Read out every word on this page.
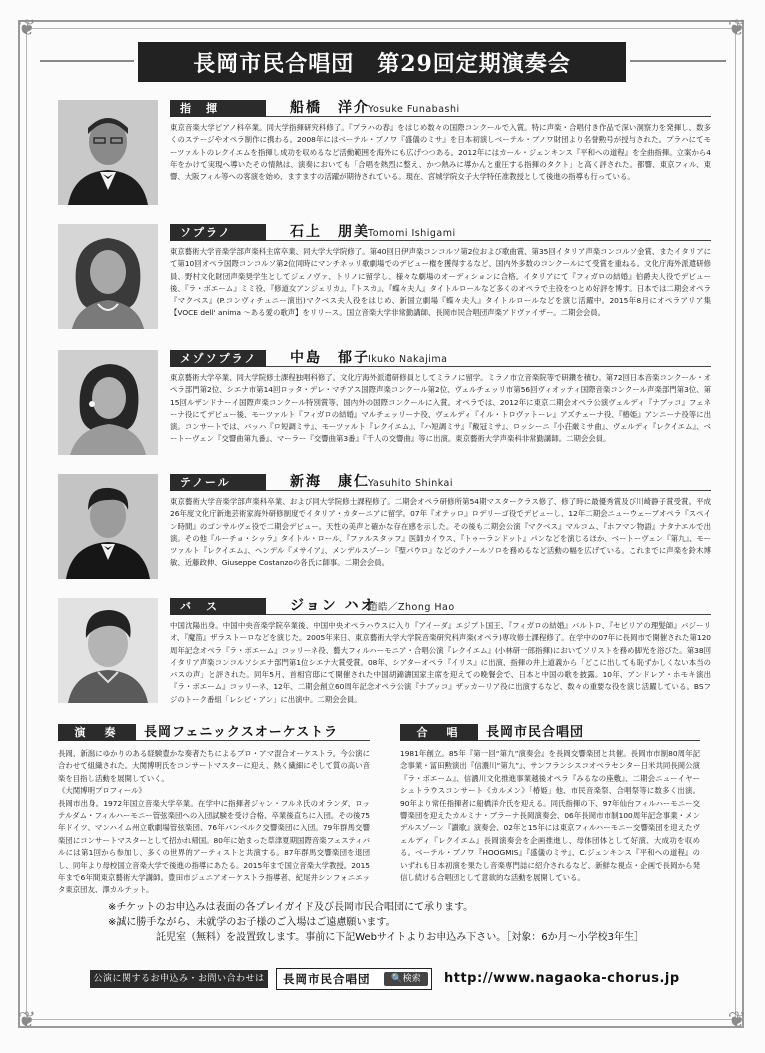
❦	❦
❦	❦
長岡市民合唱団　第29回定期演奏会
指　揮	船橋　洋介
Yosuke Funabashi
東京音楽大学ピアノ科卒業。同大学指揮研究科修了。『プラハの春』をはじめ数々の国際コンクールで入賞。特に声楽・合唱付き作品で深い洞察力を発揮し、数多くのステージやオペラ制作に携わる。2008年にはベーテル・ブノワ『盛儀のミサ』を日本初演しベーテル・ブノワ財団より名誉勲号が授与された。プラハにてモーツァルトのレクイエムを指揮し成功を収めるなど活動範囲を海外にも広げつつある。2012年にはカール・ジェンキンス『平和への道程』を全曲指揮。立案から4年をかけて実現へ導いたその情熱は、演奏においても「合唱を熱烈に整え、かつ熱みに導かんと重圧する指揮のタクト」と高く評された。都響、東京フィル、東響、大阪フィル等への客演を始め、ますますの活躍が期待されている。現在、宮城学院女子大学特任准教授として後進の指導も行っている。
ソプラノ	石上　朋美
Tomomi Ishigami
東京藝術大学音楽学部声楽科主席卒業、同大学大学院修了。第40回日伊声楽コンコルソ第2位および歌曲賞、第35回イタリア声楽コンコルソ金賞、またイタリアにて第10回オペラ国際コンコルソ第2位同時にマンチネッリ歌劇場でのデビュー権を獲得するなど、国内外多数のコンクールにて受賞を重ねる。文化庁海外派遣研修員、野村文化財団声楽奨学生としてジェノヴァ、トリノに留学し、様々な劇場のオーディションに合格。イタリアにて『フィガロの結婚』伯爵夫人役でデビュー後、『ラ・ボエーム』ミミ役、『修道女アンジェリカ』、『トスカ』、『蝶々夫人』タイトルロールなど多くのオペラで主役をつとめ好評を博す。日本では二期会オペラ『マクベス』(P.コンヴィチュニー演出)マクベス夫人役をはじめ、新国立劇場『蝶々夫人』タイトルロールなどを演じ活躍中。2015年8月にオペラアリア集【VOCE dell' anima ～ある愛の歌声】をリリース。国立音楽大学非常勤講師、長岡市民合唱団声楽アドヴァイザー。二期会会員。
メゾソプラノ	中島　郁子
Ikuko Nakajima
東京藝術大学卒業、同大学院修士課程独唱科修了。文化庁海外派遣研修員としてミラノに留学。ミラノ市立音楽院等で研鑽を積む。第72回日本音楽コンクール・オペラ部門第2位、シエナ市第14回ロッタ・デレ・マチアス国際声楽コンクール第2位、ヴェルチェッリ市第56回ヴィオッティ国際音楽コンクール声楽部門第3位、第15回ルザンドナーイ国際声楽コンクール特別賞等、国内外の国際コンクールに入賞。オペラでは、2012年に東京二期会オペラ公演ヴェルディ『ナブッコ』フェネーナ役にてデビュー後、モーツァルト『フィガロの結婚』マルチェッリーナ役、ヴェルディ『イル・トロヴァトーレ』アズチェーナ役、『椿姫』アンニーナ役等に出演。コンサートでは、バッハ『ロ短調ミサ』、モーツァルト『レクイエム』、『ハ短調ミサ』『戴冠ミサ』、ロッシーニ『小荘厳ミサ曲』、ヴェルディ『レクイエム』、ベートーヴェン『交響曲第九番』、マーラー『交響曲第3番』『千人の交響曲』等に出演。東京藝術大学声楽科非常勤講師。二期会会員。
テノール	新海　康仁
Yasuhito Shinkai
東京藝術大学音楽学部声楽科卒業、および同大学院修士課程修了。二期会オペラ研修所第54期マスタークラス修了、修了時に最優秀賞及び川崎静子賞受賞。平成26年度文化庁新進芸術家海外研修制度でイタリア・カターニアに留学。07年『オテッロ』ロデリーゴ役でデビューし、12年二期会ニューウェーブオペラ『スペイン時間』のゴンサルヴェ役で二期会デビュー。天性の美声と確かな存在感を示した。その後も二期会公演『マクベス』マルコム、『ホフマン物語』ナタナエルで出演。その他『ルーチョ・シッラ』タイトル・ロール、『ファルスタッフ』医師カイウス、『トゥーランドット』パンなどを演じるほか、ベートーヴェン『第九』、モーツァルト『レクイエム』、ヘンデル『メサイア』、メンデルスゾーン『聖パウロ』などのテノールソロを務めるなど活動の幅を広げている。これまでに声楽を鈴木博敏、近藤政伸、Giuseppe Costanzoの各氏に師事。二期会会員。
バ　ス	ジョン ハオ
趙皓／Zhong Hao
中国沈陽出身。中国中央音楽学院卒業後、中国中央オペラハウスに入り『アイーダ』エジプト国王、『フィガロの結婚』バルトロ、『セビリアの理髪師』バジーリオ、『魔笛』ザラストーロなどを演じた。2005年来日、東京藝術大学大学院音楽研究科声楽(オペラ)専攻修士課程修了。在学中の07年に長岡市で開催された第120周年記念オペラ『ラ・ボエーム』コッリーネ役、藝大フィルハーモニア・合唱公演『レクイエム』(小林研一郎指揮)においてソリストを務め脚光を浴びた。第38回イタリア声楽コンコルソシエナ部門第1位シエナ大賞受賞。08年、シアターオペラ『イリス』に出演、指揮の井上道義から「どこに出しても恥ずかしくない本当のバスの声」と評された。同年5月、首相官邸にて開催された中国胡錦濤国家主席を迎えての晩餐会で、日本と中国の歌を披露。10年、アンドレア・ホモキ演出『ラ・ボエーム』コッリーネ、12年、二期会創立60周年記念オペラ公演『ナブッコ』ザッカーリア役に出演するなど、数々の重要な役を演じ活躍している。BSフジのトーク番組「レシピ・アン」に出演中。二期会会員。
演　奏	長岡フェニックスオーケストラ
長岡、新潟にゆかりのある経験豊かな奏者たちによるプロ・アマ混合オーケストラ。今公演に合わせて組織された。大関博明氏をコンサートマスターに迎え、熱く繊細にそして質の高い音楽を目指し活動を展開していく。
《大関博明プロフィール》
長岡市出身。1972年国立音楽大学卒業。在学中に指揮者ジャン・フルネ氏のオランダ、ロッテルダム・フィルハーモニー管弦楽団への入団試験を受け合格、卒業後直ちに入団。その後75年ドイツ、マンハイム州立歌劇場管弦楽団、76年バンベルク交響楽団に入団。79年群馬交響楽団にコンサートマスターとして招かれ帰国。80年に始まった草津夏期国際音楽フェスティバルには第1回から参加し、多くの世界的アーティストと共演する。87年群馬交響楽団を退団し、同年より母校国立音楽大学で後進の指導にあたる。2015年まで国立音楽大学教授。2015年まで6年間東京藝術大学講師。豊田市ジュニアオーケストラ指導者、紀尾井シンフォニエッタ東京団友、澤カルテット。
合　唱	長岡市民合唱団
1981年創立。85年『第一回“第九”演奏会』を長岡交響楽団と共催。長岡市市制80周年記念事業・冨田勲演出『信濃川“第九”』、サンフランシスコオペラセンター日米共同長岡公演『ラ・ボエーム』、信濃川文化推進事業越後オペラ『みるなの座敷』、二期会ニューイヤーシュトラウスコンサート《カルメン》「椿姫」他、市民音楽祭、合唱祭等に数多く出演。90年より常任指揮者に船橋洋介氏を迎える。同氏指揮の下、97年仙台フィルハーモニー交響楽団を迎えたカルミナ・ブラーナ長岡演奏会、06年長岡市市制100周年記念事業・メンデルスゾーン『讃歌』演奏会、02年と15年には東京フィルハーモニー交響楽団を迎えたヴェルディ『レクイエム』長岡演奏会を企画推進し、母体団体として好演、大成功を収める。ベーテル・ブノワ『HOOGMIS』『盛儀のミサ』、C.ジェンキンス『平和への道程』のいずれも日本初演を果たし音楽専門誌に紹介されるなど、新鮮な視点・企画で長岡から発信し続ける合唱団として意欲的な活動を展開している。
※チケットのお申込みは表面の各プレイガイド及び長岡市民合唱団にて承ります。
※誠に勝手ながら、未就学のお子様のご入場はご遠慮願います。
託児室（無料）を設置致します。事前に下記Webサイトよりお申込み下さい。［対象：6か月～小学校3年生］
公演に関するお申込み・お問い合わせは	長岡市民合唱団	🔍検索	http://www.nagaoka-chorus.jp
